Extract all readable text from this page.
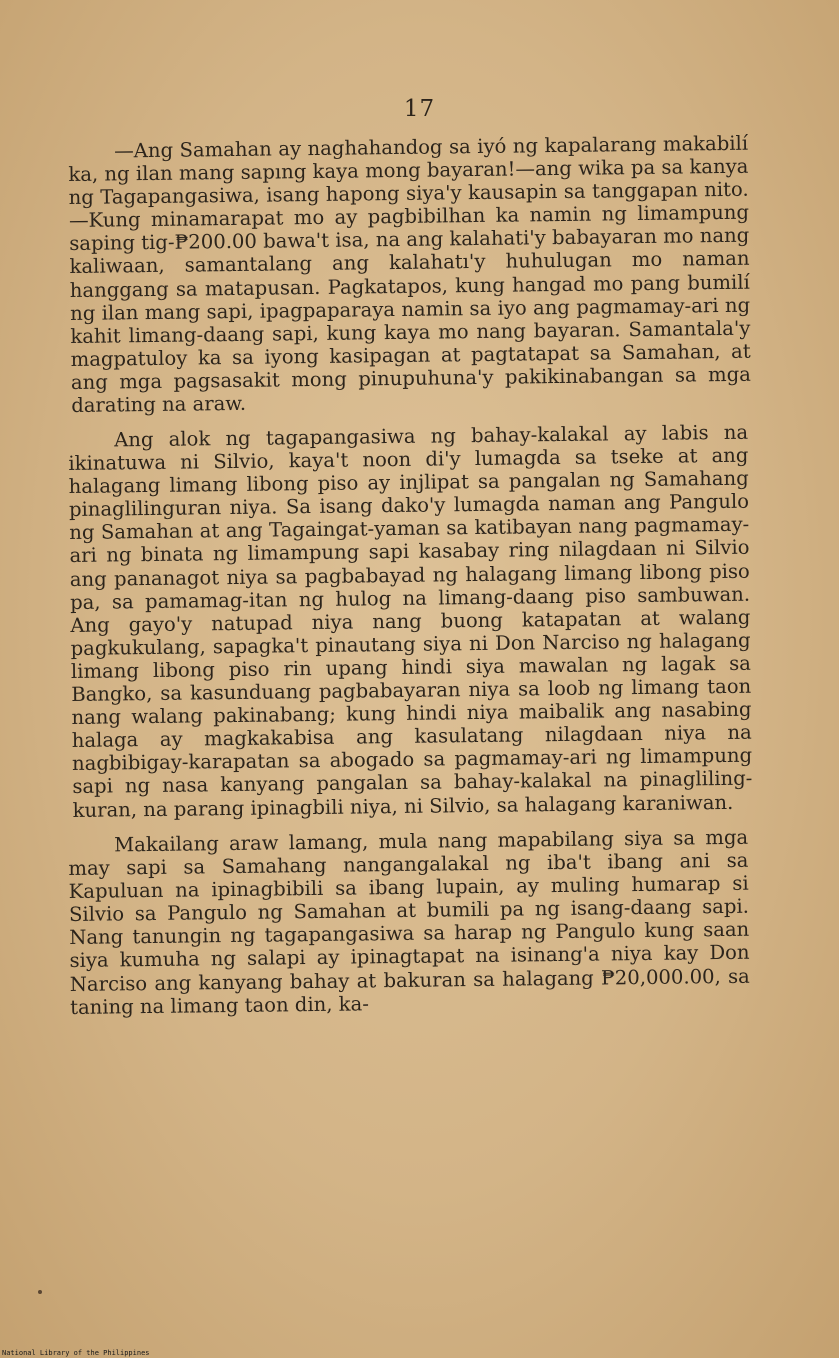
17

—Ang Samahan ay naghahandog sa iyó ng kapalarang makabilí ka, ng ilan mang sapıng kaya mong bayaran!—ang wika pa sa kanya ng Tagapangasiwa, isang hapong siya'y kausapin sa tanggapan nito.—Kung minamarapat mo ay pagbibilhan ka namin ng limampung saping tig-₱200.00 bawa't isa, na ang kalahati'y babayaran mo nang kaliwaan, samantalang ang kalahatı'y huhulugan mo naman hanggang sa matapusan. Pagkatapos, kung hangad mo pang bumilí ng ilan mang sapi, ipagpaparaya namin sa iyo ang pagmamay-ari ng kahit limang-daang sapi, kung kaya mo nang bayaran. Samantala'y magpatuloy ka sa iyong kasipagan at pagtatapat sa Samahan, at ang mga pagsasakit mong pinupuhuna'y pakikinabangan sa mga darating na araw.

Ang alok ng tagapangasiwa ng bahay-kalakal ay labis na ikinatuwa ni Silvio, kaya't noon di'y lumagda sa tseke at ang halagang limang libong piso ay injlipat sa pangalan ng Samahang pinaglilinguran niya. Sa isang dako'y lumagda naman ang Pangulo ng Samahan at ang Tagaingat-yaman sa katibayan nang pagmamay-ari ng binata ng limampung sapi kasabay ring nilagdaan ni Silvio ang pananagot niya sa pagbabayad ng halagang limang libong piso pa, sa pamamag-itan ng hulog na limang-daang piso sambuwan. Ang gayo'y natupad niya nang buong katapatan at walang pagkukulang, sapagka't pinautang siya ni Don Narciso ng halagang limang libong piso rin upang hindi siya mawalan ng lagak sa Bangko, sa kasunduang pagbabayaran niya sa loob ng limang taon nang walang pakinabang; kung hindi niya maibalik ang nasabing halaga ay magkakabisa ang kasulatang nilagdaan niya na nagbibigay-karapatan sa abogado sa pagmamay-ari ng limampung sapi ng nasa kanyang pangalan sa bahay-kalakal na pinaglilingkuran, na parang ipinagbili niya, ni Silvio, sa halagang karaniwan.

Makailang araw lamang, mula nang mapabilang siya sa mga may sapi sa Samahang nangangalakal ng iba't ibang ani sa Kapuluan na ipinagbibili sa ibang lupain, ay muling humarap si Silvio sa Pangulo ng Samahan at bumili pa ng isang-daang sapi. Nang tanungin ng tagapangasiwa sa harap ng Pangulo kung saan siya kumuha ng salapi ay ipinagtapat na isinang'a niya kay Don Narciso ang kanyang bahay at bakuran sa halagang ₱20,000.00, sa taning na limang taon din, ka-

National Library of the Philippines
